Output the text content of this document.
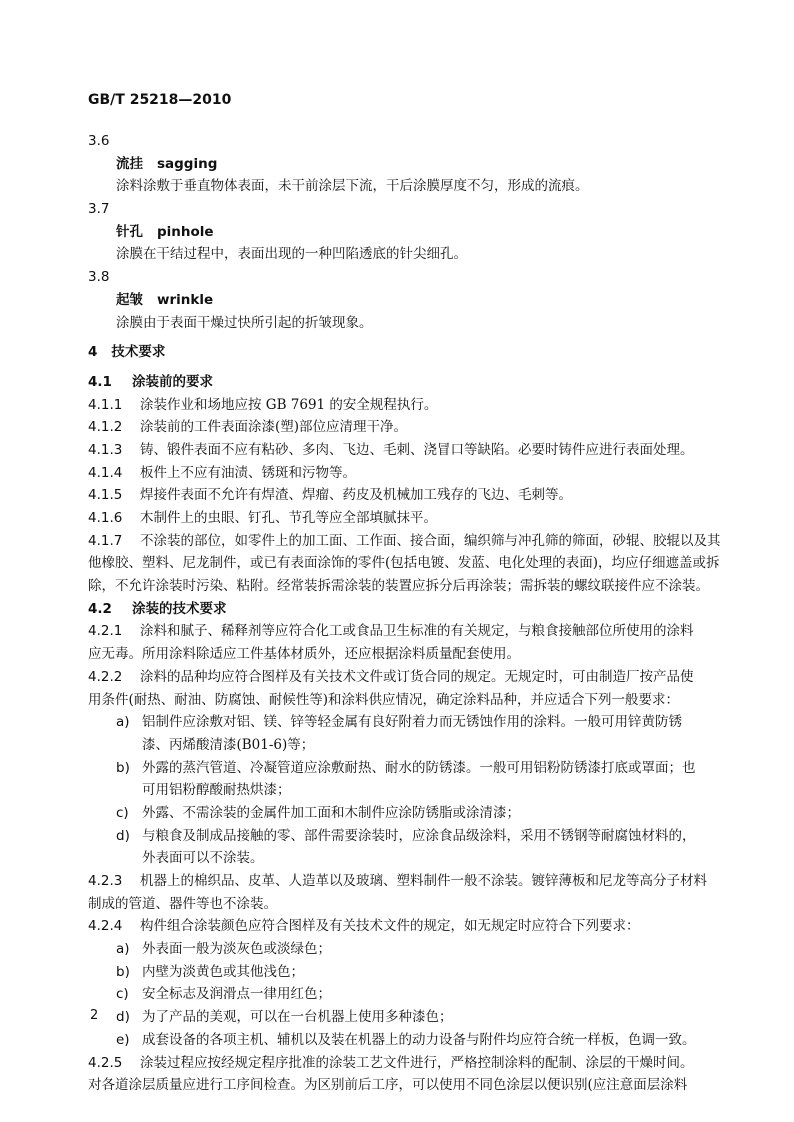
GB/T 25218—2010
3.6
流挂 sagging
涂料涂敷于垂直物体表面，未干前涂层下流，干后涂膜厚度不匀，形成的流痕。
3.7
针孔 pinhole
涂膜在干结过程中，表面出现的一种凹陷透底的针尖细孔。
3.8
起皱 wrinkle
涂膜由于表面干燥过快所引起的折皱现象。
4 技术要求
4.1 涂装前的要求
4.1.1 涂装作业和场地应按 GB 7691 的安全规程执行。
4.1.2 涂装前的工件表面涂漆(塑)部位应清理干净。
4.1.3 铸、锻件表面不应有粘砂、多肉、飞边、毛刺、浇冒口等缺陷。必要时铸件应进行表面处理。
4.1.4 板件上不应有油渍、锈斑和污物等。
4.1.5 焊接件表面不允许有焊渣、焊瘤、药皮及机械加工残存的飞边、毛刺等。
4.1.6 木制件上的虫眼、钉孔、节孔等应全部填腻抹平。
4.1.7 不涂装的部位，如零件上的加工面、工作面、接合面，编织筛与冲孔筛的筛面，砂辊、胶辊以及其
他橡胶、塑料、尼龙制件，或已有表面涂饰的零件(包括电镀、发蓝、电化处理的表面)，均应仔细遮盖或拆
除，不允许涂装时污染、粘附。经常装拆需涂装的装置应拆分后再涂装；需拆装的螺纹联接件应不涂装。
4.2 涂装的技术要求
4.2.1 涂料和腻子、稀释剂等应符合化工或食品卫生标准的有关规定，与粮食接触部位所使用的涂料
应无毒。所用涂料除适应工件基体材质外，还应根据涂料质量配套使用。
4.2.2 涂料的品种均应符合图样及有关技术文件或订货合同的规定。无规定时，可由制造厂按产品使
用条件(耐热、耐油、防腐蚀、耐候性等)和涂料供应情况，确定涂料品种，并应适合下列一般要求：
a) 铝制件应涂敷对铝、镁、锌等轻金属有良好附着力而无锈蚀作用的涂料。一般可用锌黄防锈
漆、丙烯酸清漆(B01-6)等；
b) 外露的蒸汽管道、冷凝管道应涂敷耐热、耐水的防锈漆。一般可用铝粉防锈漆打底或罩面；也
可用铝粉醇酸耐热烘漆；
c) 外露、不需涂装的金属件加工面和木制件应涂防锈脂或涂清漆；
d) 与粮食及制成品接触的零、部件需要涂装时，应涂食品级涂料，采用不锈钢等耐腐蚀材料的，
外表面可以不涂装。
4.2.3 机器上的棉织品、皮革、人造革以及玻璃、塑料制件一般不涂装。镀锌薄板和尼龙等高分子材料
制成的管道、器件等也不涂装。
4.2.4 构件组合涂装颜色应符合图样及有关技术文件的规定，如无规定时应符合下列要求：
a) 外表面一般为淡灰色或淡绿色；
b) 内壁为淡黄色或其他浅色；
c) 安全标志及润滑点一律用红色；
d) 为了产品的美观，可以在一台机器上使用多种漆色；
e) 成套设备的各项主机、辅机以及装在机器上的动力设备与附件均应符合统一样板，色调一致。
4.2.5 涂装过程应按经规定程序批准的涂装工艺文件进行，严格控制涂料的配制、涂层的干燥时间。
对各道涂层质量应进行工序间检查。为区别前后工序，可以使用不同色涂层以便识别(应注意面层涂料
2
